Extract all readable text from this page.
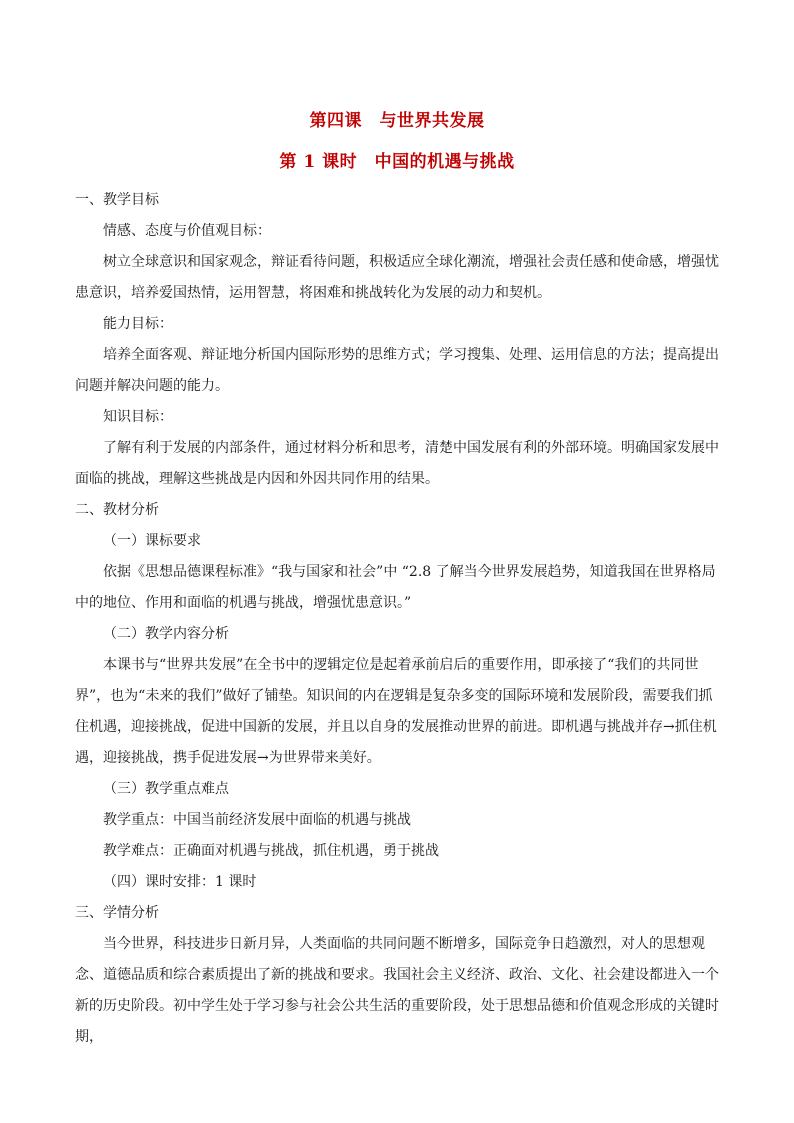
第四课　与世界共发展
第 1 课时　中国的机遇与挑战

一、教学目标

情感、态度与价值观目标：

树立全球意识和国家观念，辩证看待问题，积极适应全球化潮流，增强社会责任感和使命感，增强忧患意识，培养爱国热情，运用智慧，将困难和挑战转化为发展的动力和契机。

能力目标：

培养全面客观、辩证地分析国内国际形势的思维方式；学习搜集、处理、运用信息的方法；提高提出问题并解决问题的能力。

知识目标：

了解有利于发展的内部条件，通过材料分析和思考，清楚中国发展有利的外部环境。明确国家发展中面临的挑战，理解这些挑战是内因和外因共同作用的结果。

二、教材分析

（一）课标要求

依据《思想品德课程标准》“我与国家和社会”中 “2.8 了解当今世界发展趋势，知道我国在世界格局中的地位、作用和面临的机遇与挑战，增强忧患意识。”

（二）教学内容分析

本课书与“世界共发展”在全书中的逻辑定位是起着承前启后的重要作用，即承接了“我们的共同世界”，也为“未来的我们”做好了铺垫。知识间的内在逻辑是复杂多变的国际环境和发展阶段，需要我们抓住机遇，迎接挑战，促进中国新的发展，并且以自身的发展推动世界的前进。即机遇与挑战并存→抓住机遇，迎接挑战，携手促进发展→为世界带来美好。

（三）教学重点难点

教学重点：中国当前经济发展中面临的机遇与挑战

教学难点：正确面对机遇与挑战，抓住机遇，勇于挑战

（四）课时安排：1 课时

三、学情分析

当今世界，科技进步日新月异，人类面临的共同问题不断增多，国际竞争日趋激烈，对人的思想观念、道德品质和综合素质提出了新的挑战和要求。我国社会主义经济、政治、文化、社会建设都进入一个新的历史阶段。初中学生处于学习参与社会公共生活的重要阶段，处于思想品德和价值观念形成的关键时期，
